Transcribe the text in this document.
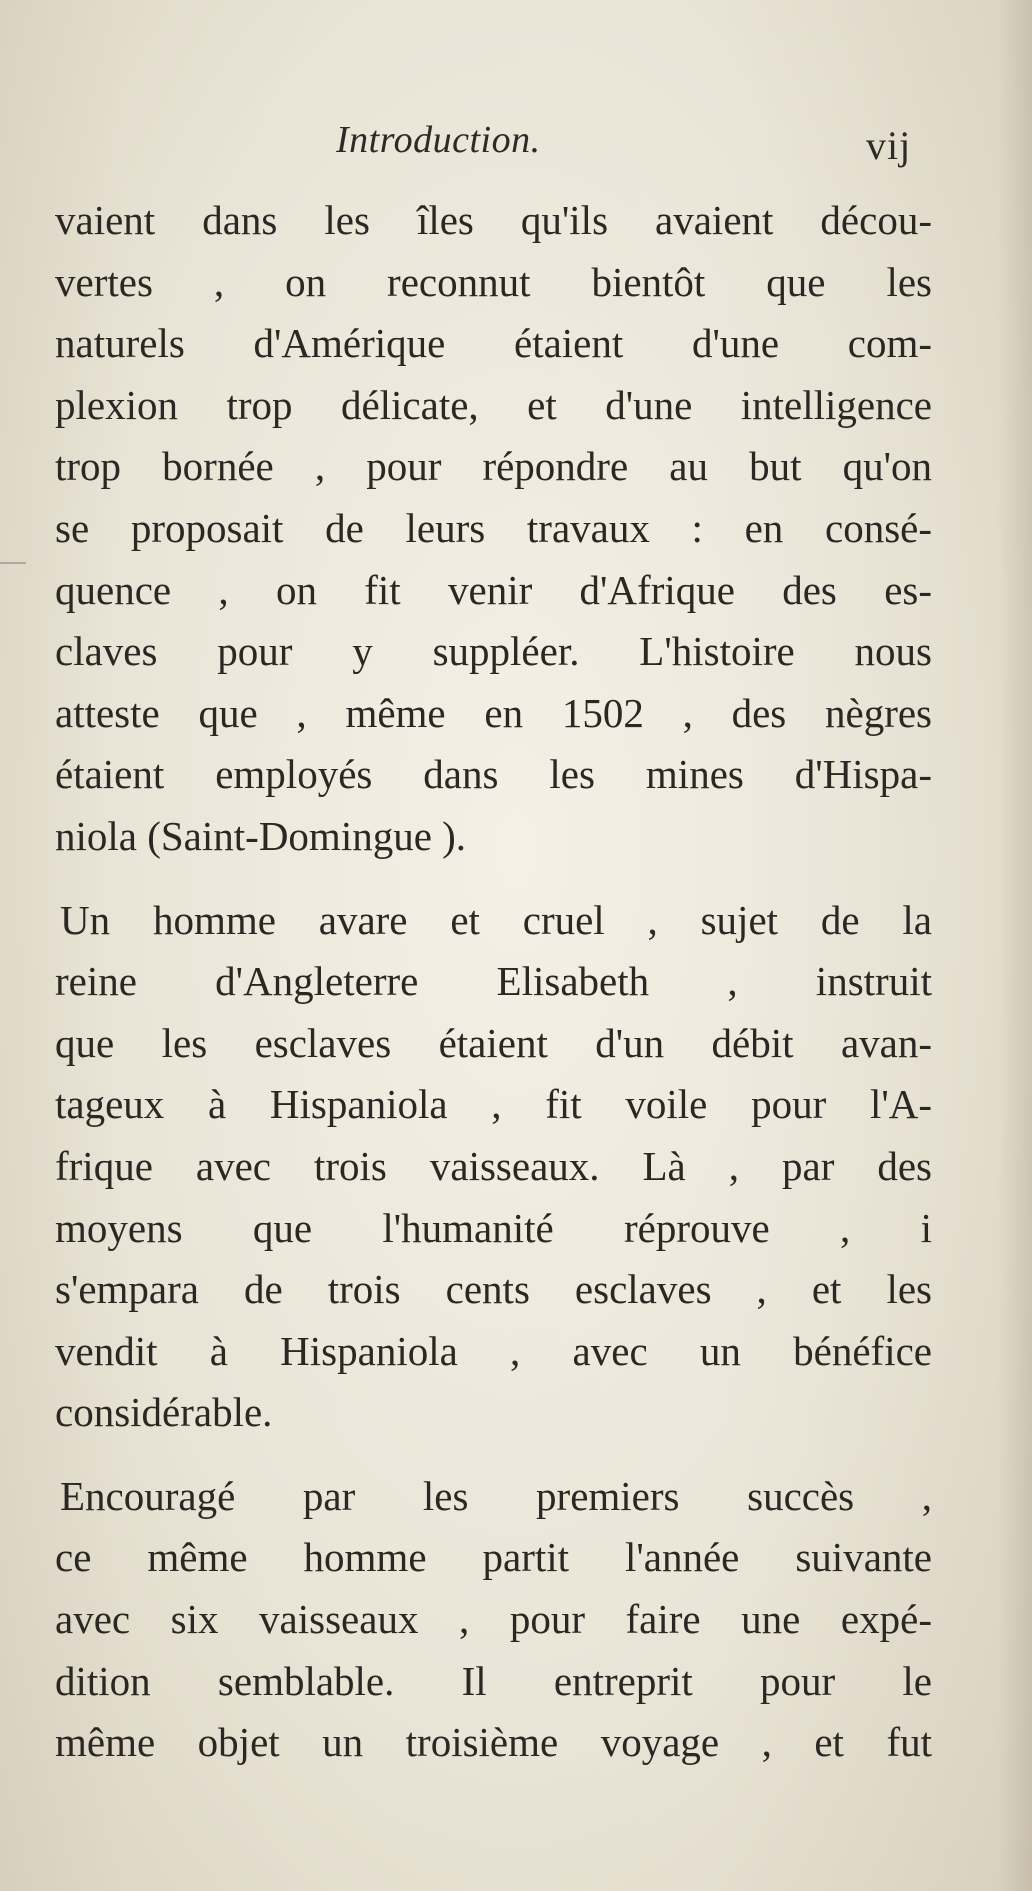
Introduction.	vij
vaient dans les îles qu'ils avaient décou-
vertes , on reconnut bientôt que les
naturels d'Amérique étaient d'une com-
plexion trop délicate, et d'une intelligence
trop bornée , pour répondre au but qu'on
se proposait de leurs travaux : en consé-
quence , on fit venir d'Afrique des es-
claves pour y suppléer. L'histoire nous
atteste que , même en 1502 , des nègres
étaient employés dans les mines d'Hispa-
niola (Saint-Domingue ).
Un homme avare et cruel , sujet de la
reine d'Angleterre Elisabeth , instruit
que les esclaves étaient d'un débit avan-
tageux à Hispaniola , fit voile pour l'A-
frique avec trois vaisseaux. Là , par des
moyens que l'humanité réprouve , i
s'empara de trois cents esclaves , et les
vendit à Hispaniola , avec un bénéfice
considérable.
Encouragé par les premiers succès ,
ce même homme partit l'année suivante
avec six vaisseaux , pour faire une expé-
dition semblable. Il entreprit pour le
même objet un troisième voyage , et fut
